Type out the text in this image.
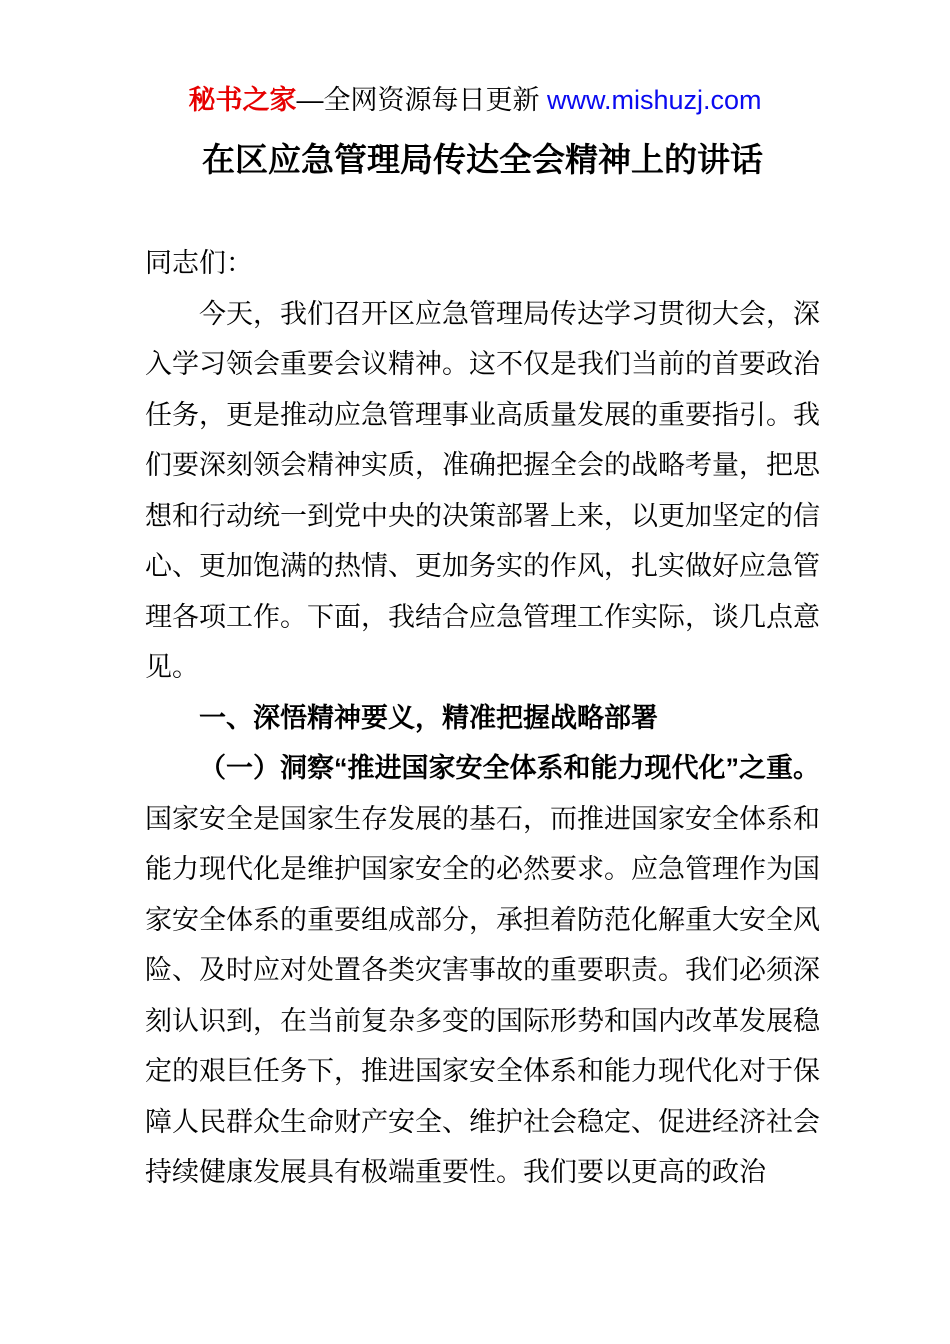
秘书之家—全网资源每日更新 www.mishuzj.com
在区应急管理局传达全会精神上的讲话

同志们：

今天，我们召开区应急管理局传达学习贯彻大会，深入学习领会重要会议精神。这不仅是我们当前的首要政治任务，更是推动应急管理事业高质量发展的重要指引。我们要深刻领会精神实质，准确把握全会的战略考量，把思想和行动统一到党中央的决策部署上来，以更加坚定的信心、更加饱满的热情、更加务实的作风，扎实做好应急管理各项工作。下面，我结合应急管理工作实际，谈几点意见。

一、深悟精神要义，精准把握战略部署

（一）洞察“推进国家安全体系和能力现代化”之重。国家安全是国家生存发展的基石，而推进国家安全体系和能力现代化是维护国家安全的必然要求。应急管理作为国家安全体系的重要组成部分，承担着防范化解重大安全风险、及时应对处置各类灾害事故的重要职责。我们必须深刻认识到，在当前复杂多变的国际形势和国内改革发展稳定的艰巨任务下，推进国家安全体系和能力现代化对于保障人民群众生命财产安全、维护社会稳定、促进经济社会持续健康发展具有极端重要性。我们要以更高的政治
